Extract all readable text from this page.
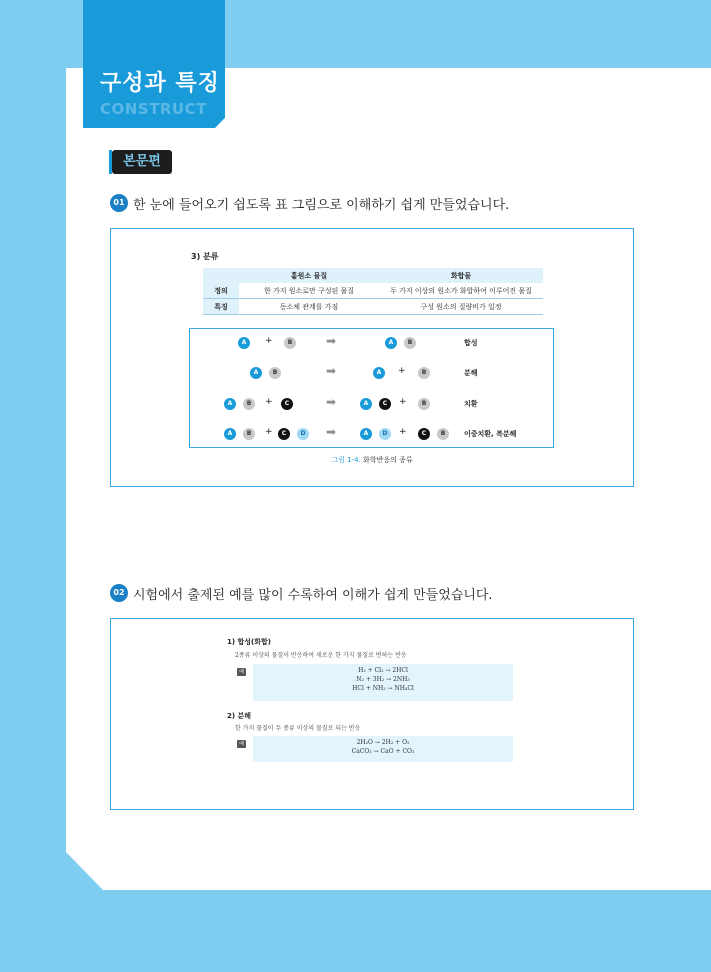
구성과 특징
CONSTRUCT
본문편
01 한 눈에 들어오기 쉽도록 표 그림으로 이해하기 쉽게 만들었습니다.
3) 분류
	홑원소 물질	화합물
정의	한 가지 원소로만 구성된 물질	두 가지 이상의 원소가 화합하여 이루어진 물질
특징	동소체 관계를 가짐	구성 원소의 질량비가 일정
A	+	B	➡	A	B	합성
A	B	➡	A	+	B	분해
A	B	+	C	➡	A	C	+	B	치환
A	B	+	C	D ➡	A	D	+	C	B	이중치환, 복분해
그림 1-4. 화학반응의 종류
02 시험에서 출제된 예를 많이 수록하여 이해가 쉽게 만들었습니다.
1) 합성(화합)
2종류 이상의 물질이 반응하여 새로운 한 가지 물질로 변하는 반응
예	H₂ + Cl₂ → 2HCl
N₂ + 3H₂ → 2NH₃
HCl + NH₃ → NH₄Cl
2) 분해
한 가지 물질이 두 종류 이상의 물질로 되는 반응
예	2H₂O → 2H₂ + O₂
CaCO₃ → CaO + CO₂
